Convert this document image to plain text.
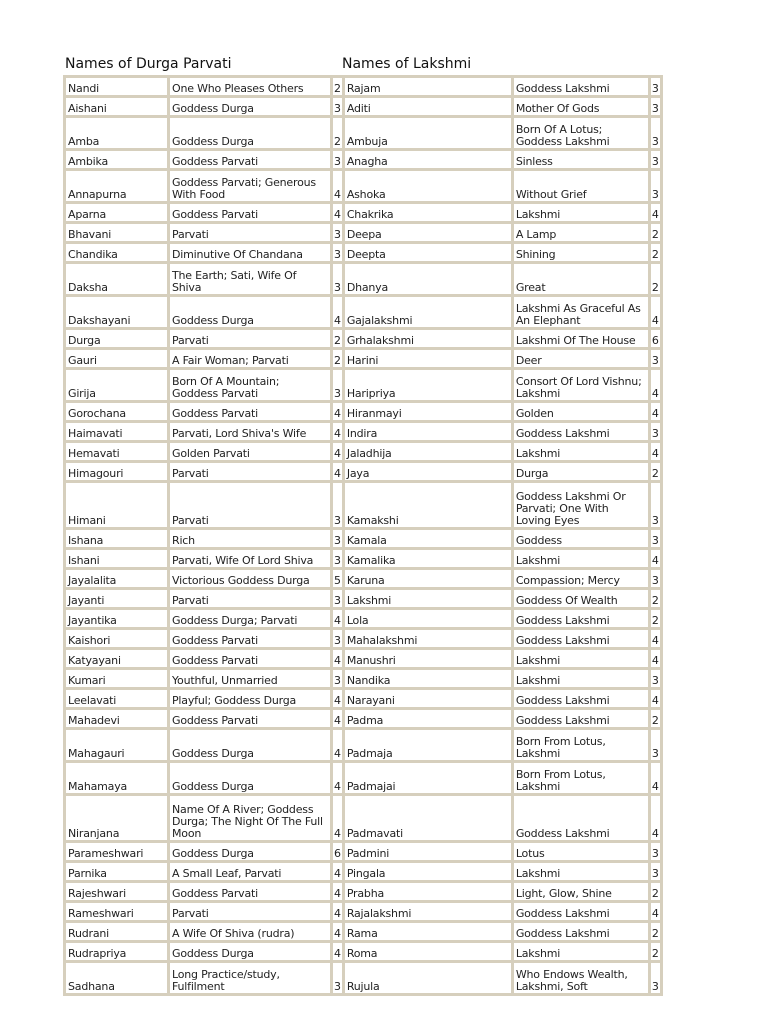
Names of Durga Parvati	Names of Lakshmi
Nandi	One Who Pleases Others	2	Rajam	Goddess Lakshmi	3
Aishani	Goddess Durga	3	Aditi	Mother Of Gods	3
Amba	Goddess Durga	2	Ambuja	Born Of A Lotus; Goddess Lakshmi	3
Ambika	Goddess Parvati	3	Anagha	Sinless	3
Annapurna	Goddess Parvati; Generous With Food	4	Ashoka	Without Grief	3
Aparna	Goddess Parvati	4	Chakrika	Lakshmi	4
Bhavani	Parvati	3	Deepa	A Lamp	2
Chandika	Diminutive Of Chandana	3	Deepta	Shining	2
Daksha	The Earth; Sati, Wife Of Shiva	3	Dhanya	Great	2
Dakshayani	Goddess Durga	4	Gajalakshmi	Lakshmi As Graceful As An Elephant	4
Durga	Parvati	2	Grhalakshmi	Lakshmi Of The House	6
Gauri	A Fair Woman; Parvati	2	Harini	Deer	3
Girija	Born Of A Mountain; Goddess Parvati	3	Haripriya	Consort Of Lord Vishnu; Lakshmi	4
Gorochana	Goddess Parvati	4	Hiranmayi	Golden	4
Haimavati	Parvati, Lord Shiva's Wife	4	Indira	Goddess Lakshmi	3
Hemavati	Golden Parvati	4	Jaladhija	Lakshmi	4
Himagouri	Parvati	4	Jaya	Durga	2
Himani	Parvati	3	Kamakshi	Goddess Lakshmi Or Parvati; One With Loving Eyes	3
Ishana	Rich	3	Kamala	Goddess	3
Ishani	Parvati, Wife Of Lord Shiva	3	Kamalika	Lakshmi	4
Jayalalita	Victorious Goddess Durga	5	Karuna	Compassion; Mercy	3
Jayanti	Parvati	3	Lakshmi	Goddess Of Wealth	2
Jayantika	Goddess Durga; Parvati	4	Lola	Goddess Lakshmi	2
Kaishori	Goddess Parvati	3	Mahalakshmi	Goddess Lakshmi	4
Katyayani	Goddess Parvati	4	Manushri	Lakshmi	4
Kumari	Youthful, Unmarried	3	Nandika	Lakshmi	3
Leelavati	Playful; Goddess Durga	4	Narayani	Goddess Lakshmi	4
Mahadevi	Goddess Parvati	4	Padma	Goddess Lakshmi	2
Mahagauri	Goddess Durga	4	Padmaja	Born From Lotus, Lakshmi	3
Mahamaya	Goddess Durga	4	Padmajai	Born From Lotus, Lakshmi	4
Niranjana	Name Of A River; Goddess Durga; The Night Of The Full Moon	4	Padmavati	Goddess Lakshmi	4
Parameshwari	Goddess Durga	6	Padmini	Lotus	3
Parnika	A Small Leaf, Parvati	4	Pingala	Lakshmi	3
Rajeshwari	Goddess Parvati	4	Prabha	Light, Glow, Shine	2
Rameshwari	Parvati	4	Rajalakshmi	Goddess Lakshmi	4
Rudrani	A Wife Of Shiva (rudra)	4	Rama	Goddess Lakshmi	2
Rudrapriya	Goddess Durga	4	Roma	Lakshmi	2
Sadhana	Long Practice/study, Fulfilment	3	Rujula	Who Endows Wealth, Lakshmi, Soft	3
